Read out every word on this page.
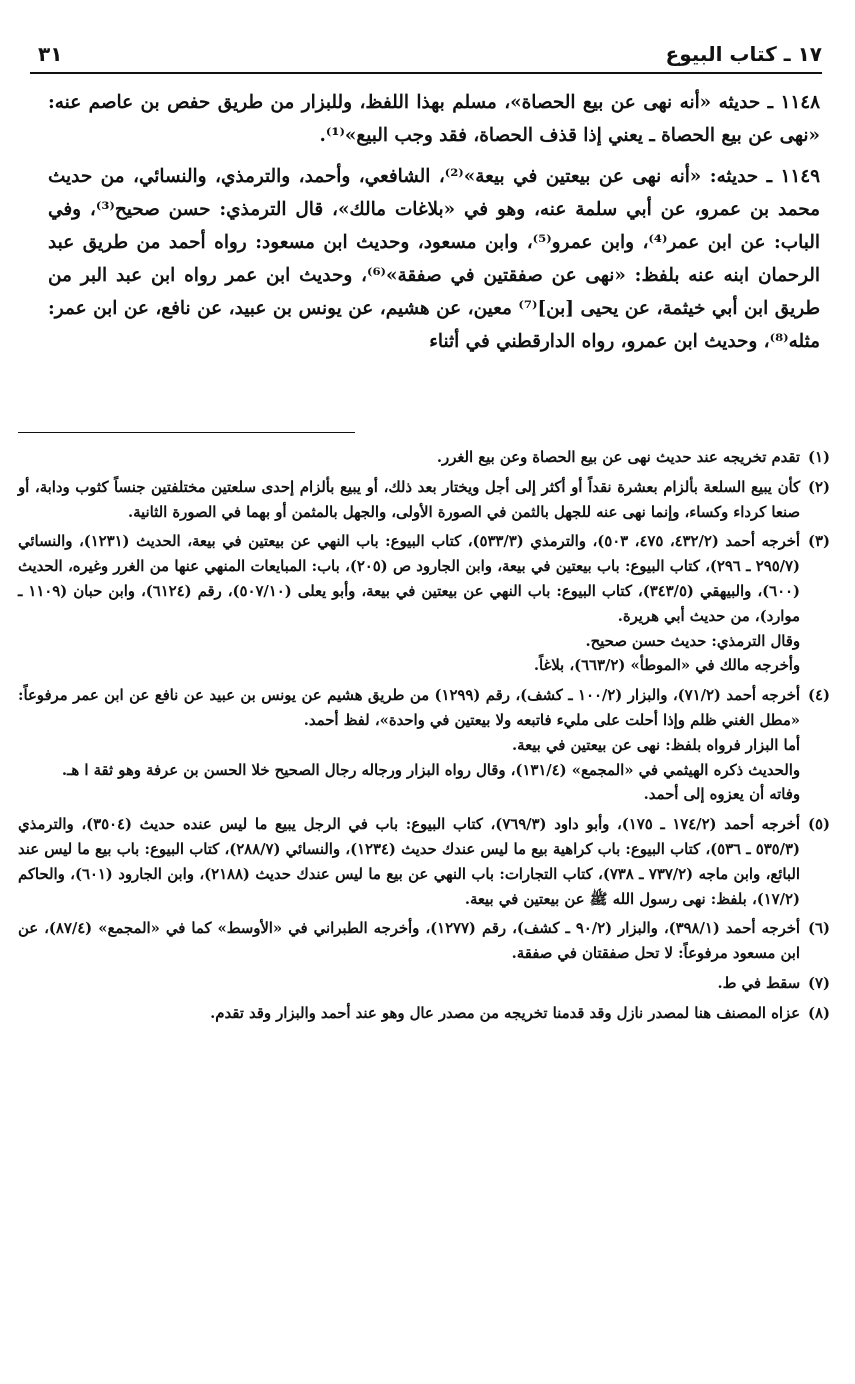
١٧ ـ كتاب البيوع
٣١

١١٤٨ ـ حديثه «أنه نهى عن بيع الحصاة»، مسلم بهذا اللفظ، وللبزار من طريق حفص بن عاصم عنه: «نهى عن بيع الحصاة ـ يعني إذا قذف الحصاة، فقد وجب البيع»⁽¹⁾.

١١٤٩ ـ حديثه: «أنه نهى عن بيعتين في بيعة»⁽²⁾، الشافعي، وأحمد، والترمذي، والنسائي، من حديث محمد بن عمرو، عن أبي سلمة عنه، وهو في «بلاغات مالك»، قال الترمذي: حسن صحيح⁽³⁾، وفي الباب: عن ابن عمر⁽⁴⁾، وابن عمرو⁽⁵⁾، وابن مسعود، وحديث ابن مسعود: رواه أحمد من طريق عبد الرحمان ابنه عنه بلفظ: «نهى عن صفقتين في صفقة»⁽⁶⁾، وحديث ابن عمر رواه ابن عبد البر من طريق ابن أبي خيثمة، عن يحيى [بن]⁽⁷⁾ معين، عن هشيم، عن يونس بن عبيد، عن نافع، عن ابن عمر: مثله⁽⁸⁾، وحديث ابن عمرو، رواه الدارقطني في أثناء

(١)
تقدم تخريجه عند حديث نهى عن بيع الحصاة وعن بيع الغرر.
(٢)
كأن يبيع السلعة بألزام بعشرة نقداً أو أكثر إلى أجل ويختار بعد ذلك، أو يبيع بألزام إحدى سلعتين مختلفتين جنساً كثوب ودابة، أو صنعا كرداء وكساء، وإنما نهى عنه للجهل بالثمن في الصورة الأولى، والجهل بالمثمن أو بهما في الصورة الثانية.
(٣)
أخرجه أحمد (٤٣٢/٢، ٤٧٥، ٥٠٣)، والترمذي (٥٣٣/٣)، كتاب البيوع: باب النهي عن بيعتين في بيعة، الحديث (١٢٣١)، والنسائي (٢٩٥/٧ ـ ٢٩٦)، كتاب البيوع: باب بيعتين في بيعة، وابن الجارود ص (٢٠٥)، باب: المبايعات المنهي عنها من الغرر وغيره، الحديث (٦٠٠)، والبيهقي (٣٤٣/٥)، كتاب البيوع: باب النهي عن بيعتين في بيعة، وأبو يعلى (٥٠٧/١٠)، رقم (٦١٢٤)، وابن حبان (١١٠٩ ـ موارد)، من حديث أبي هريرة.
وقال الترمذي: حديث حسن صحيح.
وأخرجه مالك في «الموطأ» (٦٦٣/٢)، بلاغاً.
(٤)
أخرجه أحمد (٧١/٢)، والبزار (١٠٠/٢ ـ كشف)، رقم (١٢٩٩) من طريق هشيم عن يونس بن عبيد عن نافع عن ابن عمر مرفوعاً: «مطل الغني ظلم وإذا أحلت على مليء فاتبعه ولا بيعتين في واحدة»، لفظ أحمد.
أما البزار فرواه بلفظ: نهى عن بيعتين في بيعة.
والحديث ذكره الهيثمي في «المجمع» (١٣١/٤)، وقال رواه البزار ورجاله رجال الصحيح خلا الحسن بن عرفة وهو ثقة ا هـ.
وفاته أن يعزوه إلى أحمد.
(٥)
أخرجه أحمد (١٧٤/٢ ـ ١٧٥)، وأبو داود (٧٦٩/٣)، كتاب البيوع: باب في الرجل يبيع ما ليس عنده حديث (٣٥٠٤)، والترمذي (٥٣٥/٣ ـ ٥٣٦)، كتاب البيوع: باب كراهية بيع ما ليس عندك حديث (١٢٣٤)، والنسائي (٢٨٨/٧)، كتاب البيوع: باب بيع ما ليس عند البائع، وابن ماجه (٧٣٧/٢ ـ ٧٣٨)، كتاب التجارات: باب النهي عن بيع ما ليس عندك حديث (٢١٨٨)، وابن الجارود (٦٠١)، والحاكم (١٧/٢)، بلفظ: نهى رسول الله ﷺ عن بيعتين في بيعة.
(٦)
أخرجه أحمد (٣٩٨/١)، والبزار (٩٠/٢ ـ كشف)، رقم (١٢٧٧)، وأخرجه الطبراني في «الأوسط» كما في «المجمع» (٨٧/٤)، عن ابن مسعود مرفوعاً: لا تحل صفقتان في صفقة.
(٧)
سقط في ط.
(٨)
عزاه المصنف هنا لمصدر نازل وقد قدمنا تخريجه من مصدر عال وهو عند أحمد والبزار وقد تقدم.
